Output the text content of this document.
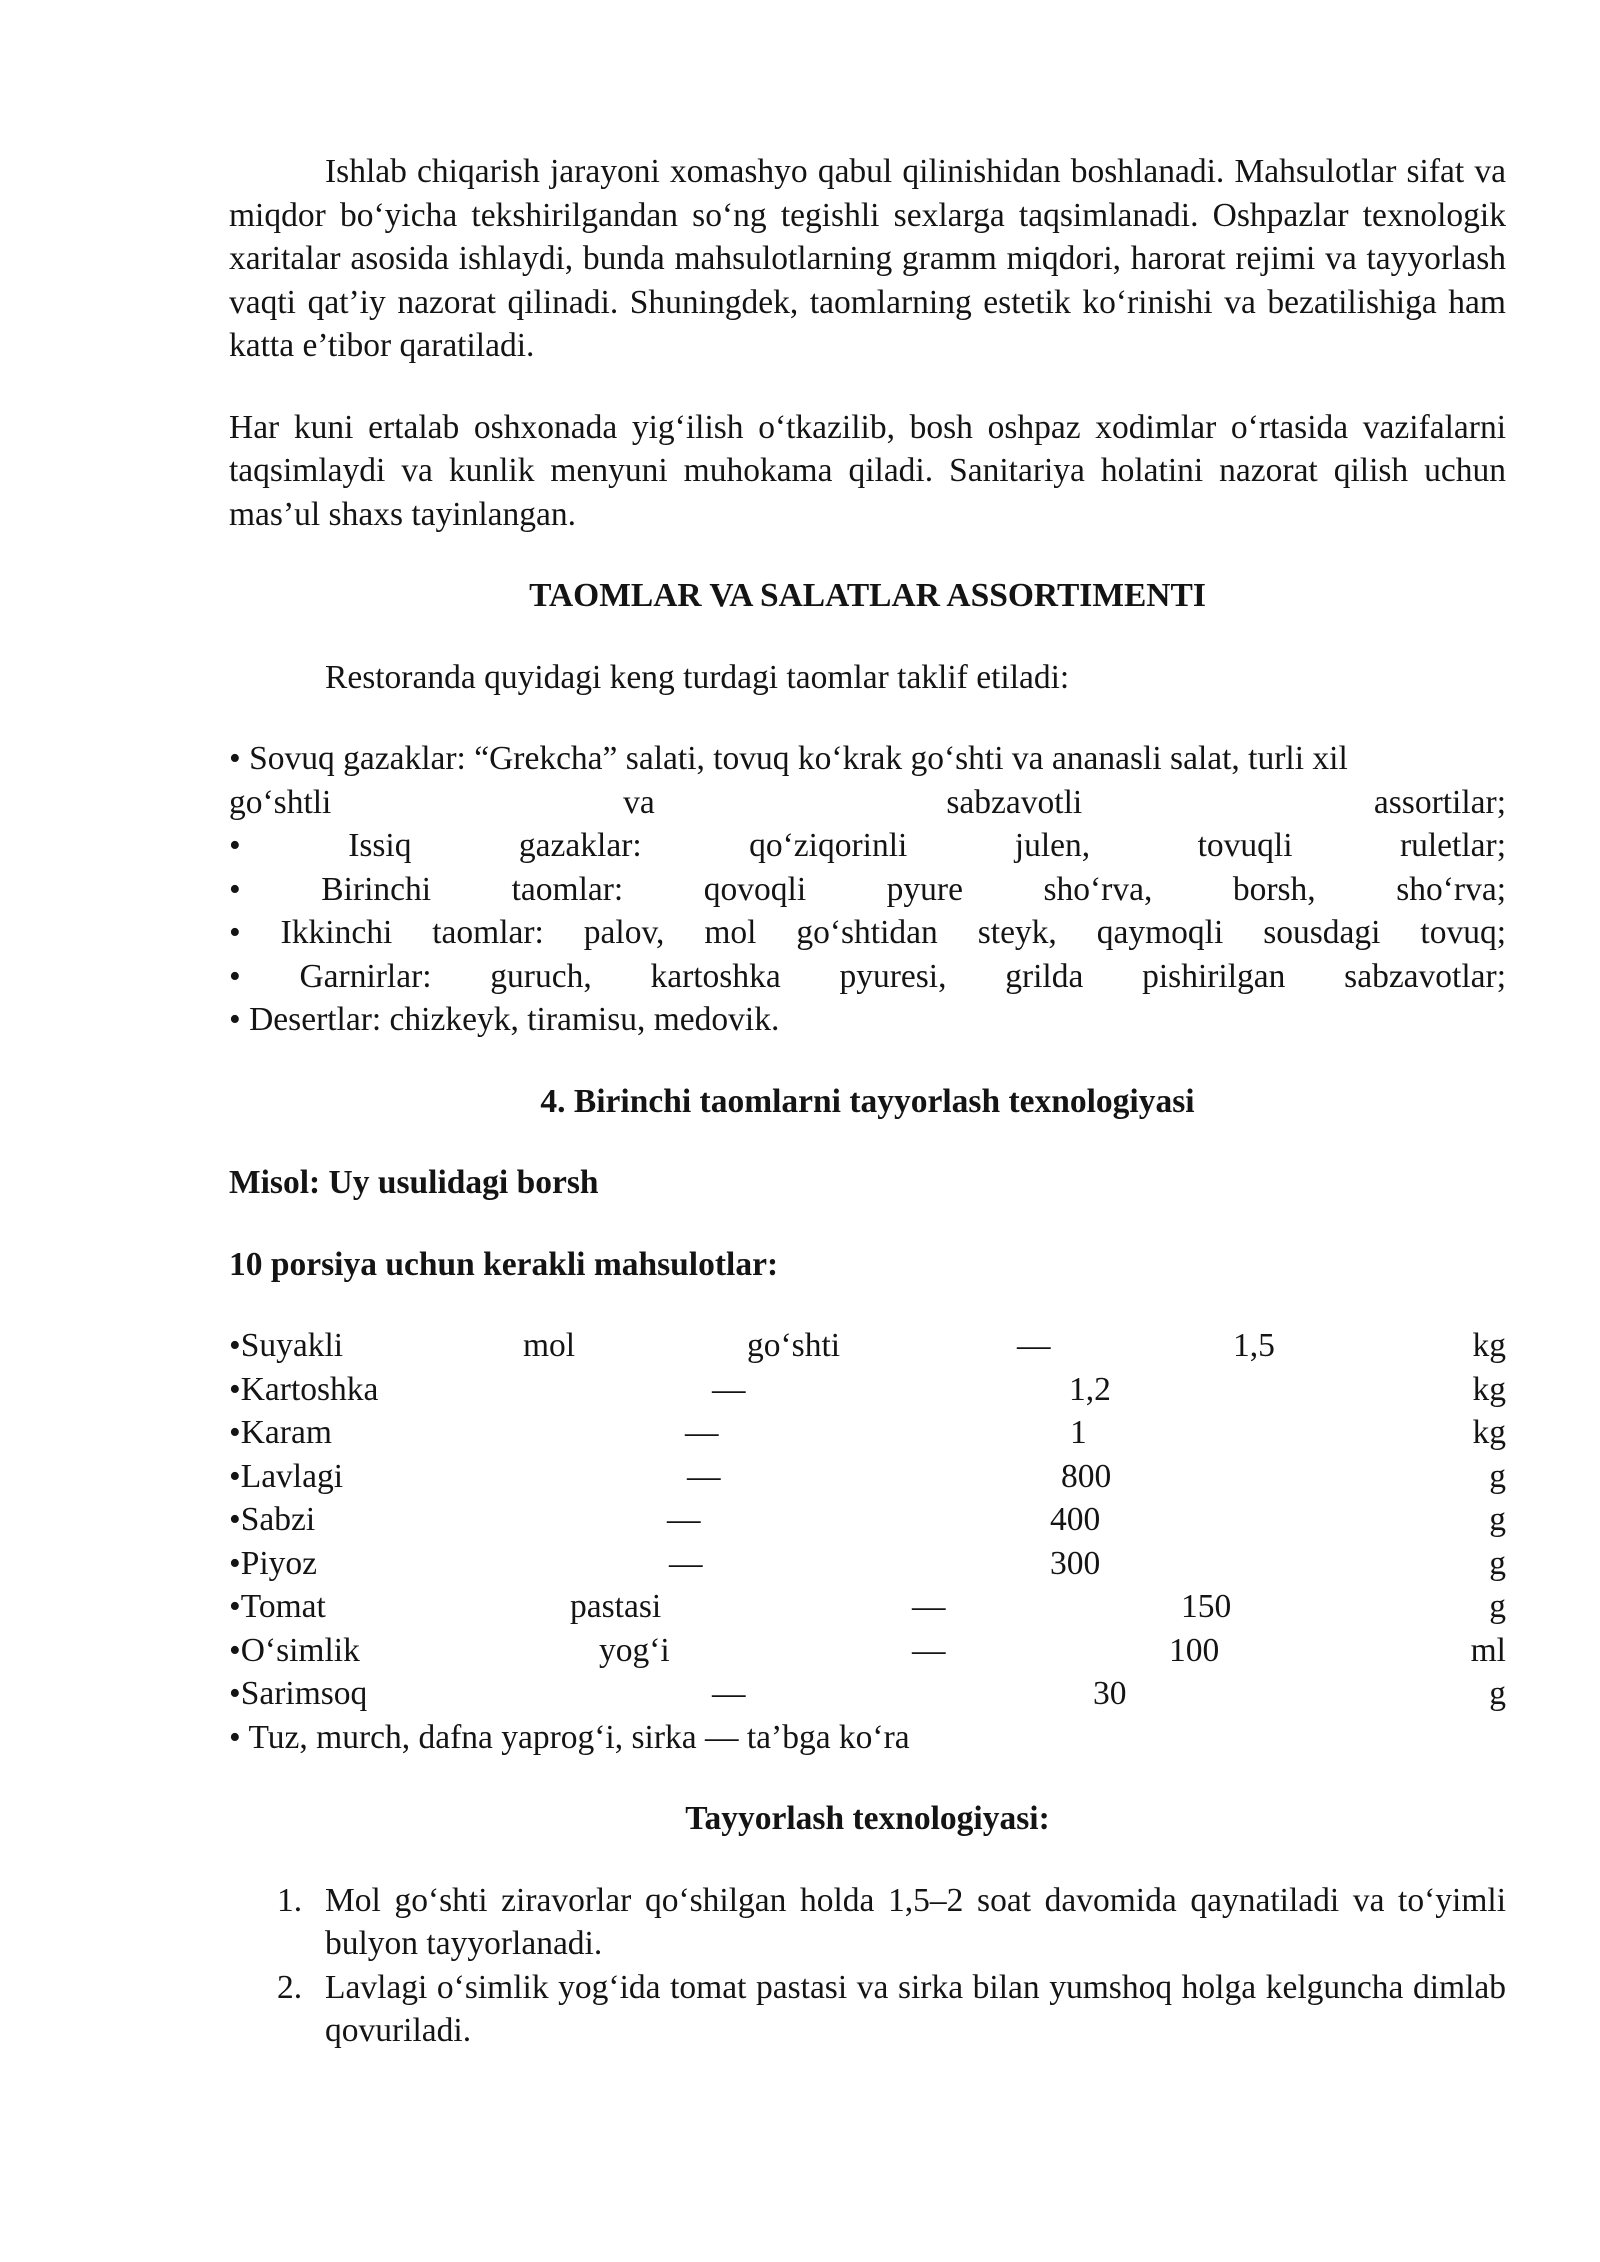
Ishlab chiqarish jarayoni xomashyo qabul qilinishidan boshlanadi. Mahsulotlar sifat va miqdor bo‘yicha tekshirilgandan so‘ng tegishli sexlarga taqsimlanadi. Oshpazlar texnologik xaritalar asosida ishlaydi, bunda mahsulotlarning gramm miqdori, harorat rejimi va tayyorlash vaqti qat’iy nazorat qilinadi. Shuningdek, taomlarning estetik ko‘rinishi va bezatilishiga ham katta e’tibor qaratiladi.

Har kuni ertalab oshxonada yig‘ilish o‘tkazilib, bosh oshpaz xodimlar o‘rtasida vazifalarni taqsimlaydi va kunlik menyuni muhokama qiladi. Sanitariya holatini nazorat qilish uchun mas’ul shaxs tayinlangan.

TAOMLAR VA SALATLAR ASSORTIMENTI

Restoranda quyidagi keng turdagi taomlar taklif etiladi:

• Sovuq gazaklar: “Grekcha” salati, tovuq ko‘krak go‘shti va ananasli salat, turli xil

go‘shtli va sabzavotli assortilar;

• Issiq gazaklar: qo‘ziqorinli julen, tovuqli ruletlar;

• Birinchi taomlar: qovoqli pyure sho‘rva, borsh, sho‘rva;

• Ikkinchi taomlar: palov, mol go‘shtidan steyk, qaymoqli sousdagi tovuq;

• Garnirlar: guruch, kartoshka pyuresi, grilda pishirilgan sabzavotlar;

• Desertlar: chizkeyk, tiramisu, medovik.

4. Birinchi taomlarni tayyorlash texnologiyasi

Misol: Uy usulidagi borsh

10 porsiya uchun kerakli mahsulotlar:

•Suyakli	mol	go‘shti	—	1,5	kg
•Kartoshka	—	1,2	kg
•Karam	—	1	kg
•Lavlagi	—	800	g
•Sabzi	—	400	g
•Piyoz	—	300	g
•Tomat	pastasi	—	150	g
•O‘simlik	yog‘i	—	100	ml
•Sarimsoq	—	30	g

• Tuz, murch, dafna yaprog‘i, sirka — ta’bga ko‘ra

Tayyorlash texnologiyasi:

1. Mol go‘shti ziravorlar qo‘shilgan holda 1,5–2 soat davomida qaynatiladi va to‘yimli bulyon tayyorlanadi.
2. Lavlagi o‘simlik yog‘ida tomat pastasi va sirka bilan yumshoq holga kelguncha dimlab qovuriladi.
